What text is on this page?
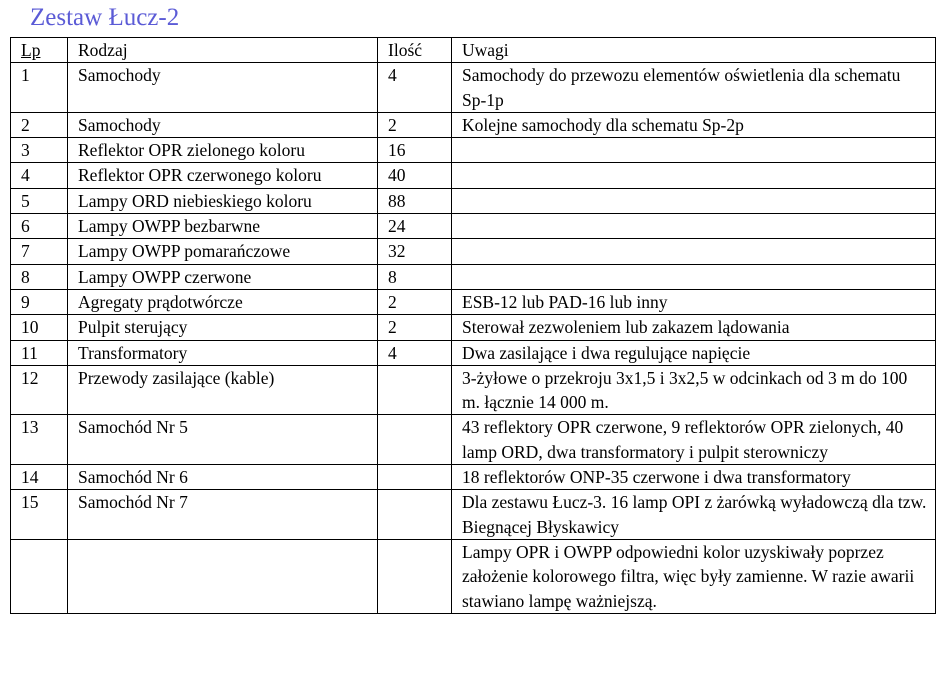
Zestaw Łucz-2
Lp	Rodzaj	Ilość	Uwagi
1	Samochody	4	Samochody do przewozu elementów oświetlenia dla schematu Sp-1p
2	Samochody	2	Kolejne samochody dla schematu Sp-2p
3	Reflektor OPR zielonego koloru	16	
4	Reflektor OPR czerwonego koloru	40	
5	Lampy ORD niebieskiego koloru	88	
6	Lampy OWPP bezbarwne	24	
7	Lampy OWPP pomarańczowe	32	
8	Lampy OWPP czerwone	8	
9	Agregaty prądotwórcze	2	ESB-12 lub PAD-16 lub inny
10	Pulpit sterujący	2	Sterował zezwoleniem lub zakazem lądowania
11	Transformatory	4	Dwa zasilające i dwa regulujące napięcie
12	Przewody zasilające (kable)		3-żyłowe o przekroju 3x1,5 i 3x2,5 w odcinkach od 3 m do 100 m. łącznie 14 000 m.
13	Samochód Nr 5		43 reflektory OPR czerwone, 9 reflektorów OPR zielonych, 40 lamp ORD, dwa transformatory i pulpit sterowniczy
14	Samochód Nr 6		18 reflektorów ONP-35 czerwone i dwa transformatory
15	Samochód Nr 7		Dla zestawu Łucz-3. 16 lamp OPI z żarówką wyładowczą dla tzw. Biegnącej Błyskawicy
			Lampy OPR i OWPP odpowiedni kolor uzyskiwały poprzez założenie kolorowego filtra, więc były zamienne. W razie awarii stawiano lampę ważniejszą.
